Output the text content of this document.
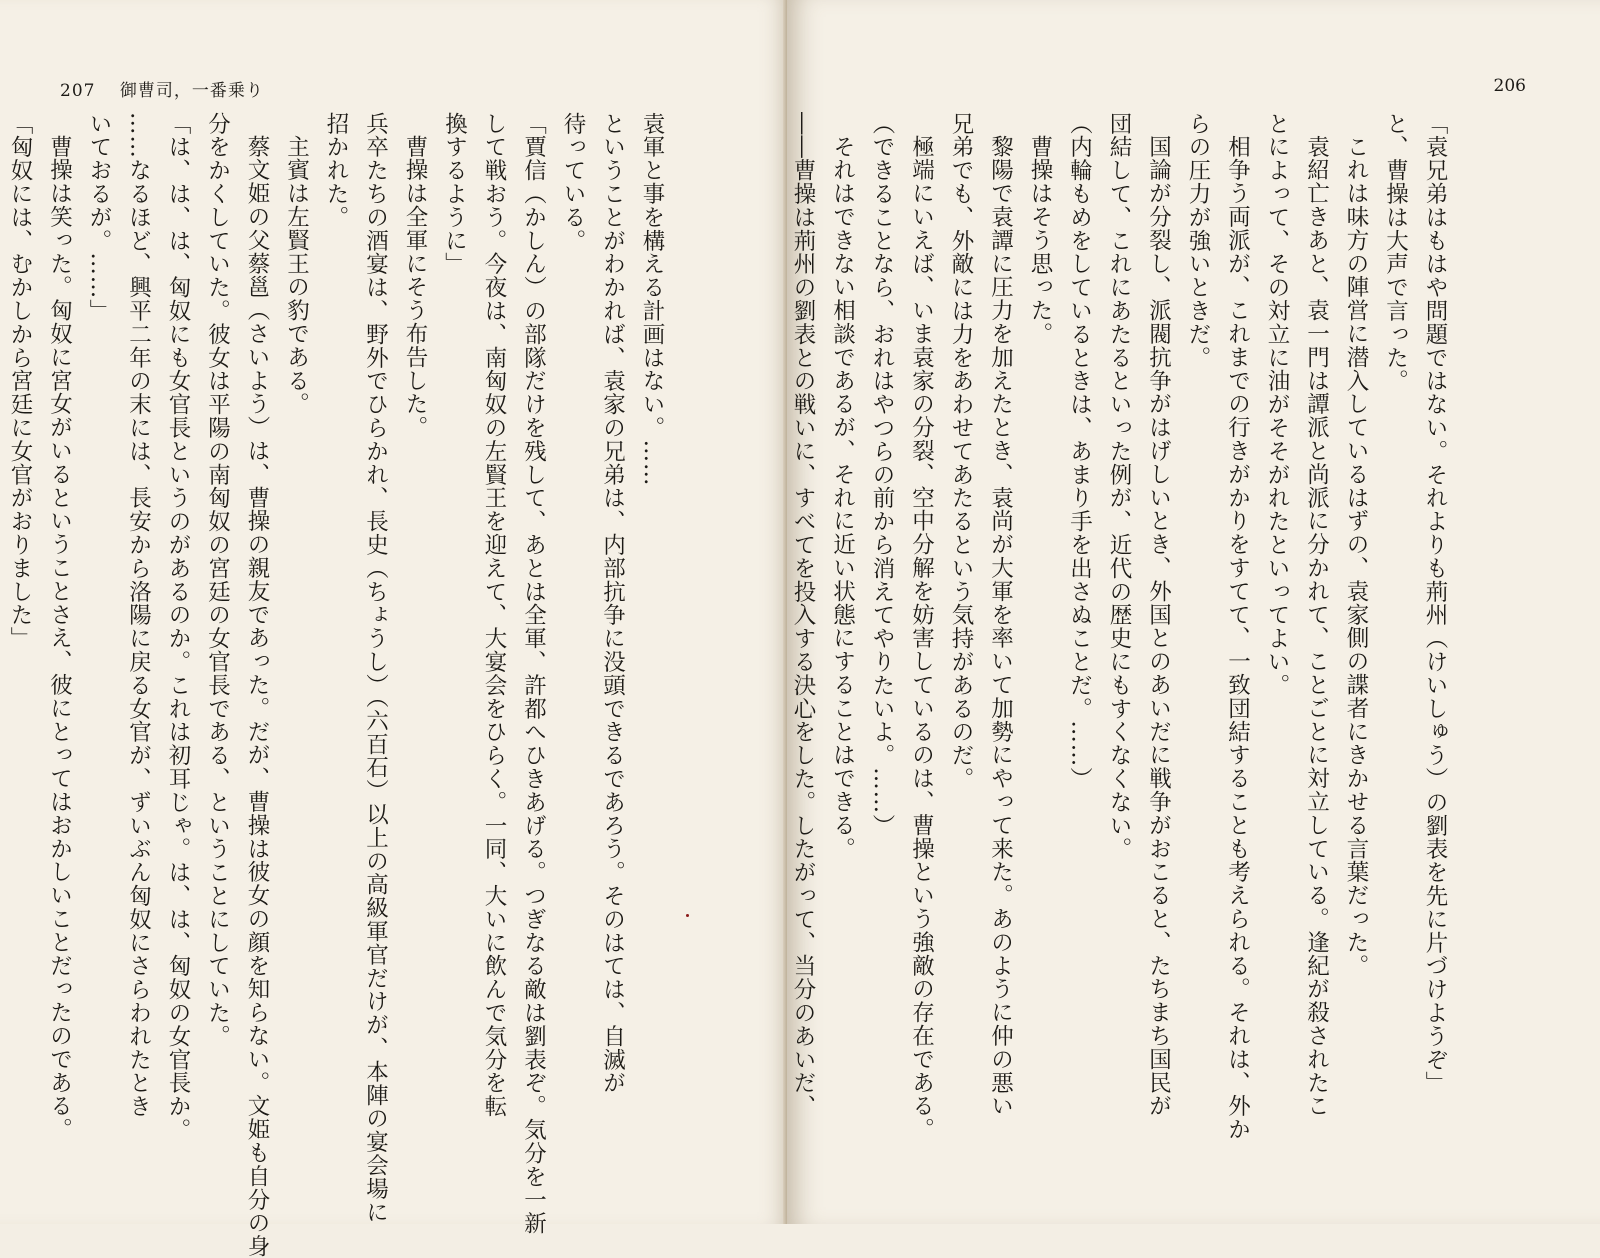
207 御曹司，一番乗り
袁軍と事を構える計画はない。……
ということがわかれば、袁家の兄弟は、内部抗争に没頭できるであろう。そのはては、自滅が
待っている。
「賈信（かしん）の部隊だけを残して、あとは全軍、許都へひきあげる。つぎなる敵は劉表ぞ。気分を一新
して戦おう。今夜は、南匈奴の左賢王を迎えて、大宴会をひらく。一同、大いに飲んで気分を転
換するように」
曹操は全軍にそう布告した。
兵卒たちの酒宴は、野外でひらかれ、長史（ちょうし）（六百石）以上の高級軍官だけが、本陣の宴会場に
招かれた。
主賓は左賢王の豹である。
蔡文姫の父蔡邕（さいよう）は、曹操の親友であった。だが、曹操は彼女の顔を知らない。文姫も自分の身
分をかくしていた。彼女は平陽の南匈奴の宮廷の女官長である、ということにしていた。
「は、は、は、匈奴にも女官長というのがあるのか。これは初耳じゃ。は、は、匈奴の女官長か。
……なるほど、興平二年の末には、長安から洛陽に戻る女官が、ずいぶん匈奴にさらわれたとき
いておるが。……」
曹操は笑った。匈奴に宮女がいるということさえ、彼にとってはおかしいことだったのである。
「匈奴には、むかしから宮廷に女官がおりました」
206
「袁兄弟はもはや問題ではない。それよりも荊州（けいしゅう）の劉表を先に片づけようぞ」
と、曹操は大声で言った。
これは味方の陣営に潜入しているはずの、袁家側の諜者にきかせる言葉だった。
袁紹亡きあと、袁一門は譚派と尚派に分かれて、ことごとに対立している。逢紀が殺されたこ
とによって、その対立に油がそそがれたといってよい。
相争う両派が、これまでの行きがかりをすてて、一致団結することも考えられる。それは、外か
らの圧力が強いときだ。
国論が分裂し、派閥抗争がはげしいとき、外国とのあいだに戦争がおこると、たちまち国民が
団結して、これにあたるといった例が、近代の歴史にもすくなくない。
（内輪もめをしているときは、あまり手を出さぬことだ。……）
曹操はそう思った。
黎陽で袁譚に圧力を加えたとき、袁尚が大軍を率いて加勢にやって来た。あのように仲の悪い
兄弟でも、外敵には力をあわせてあたるという気持があるのだ。
極端にいえば、いま袁家の分裂、空中分解を妨害しているのは、曹操という強敵の存在である。
（できることなら、おれはやつらの前から消えてやりたいよ。……）
それはできない相談であるが、それに近い状態にすることはできる。
――曹操は荊州の劉表との戦いに、すべてを投入する決心をした。したがって、当分のあいだ、
